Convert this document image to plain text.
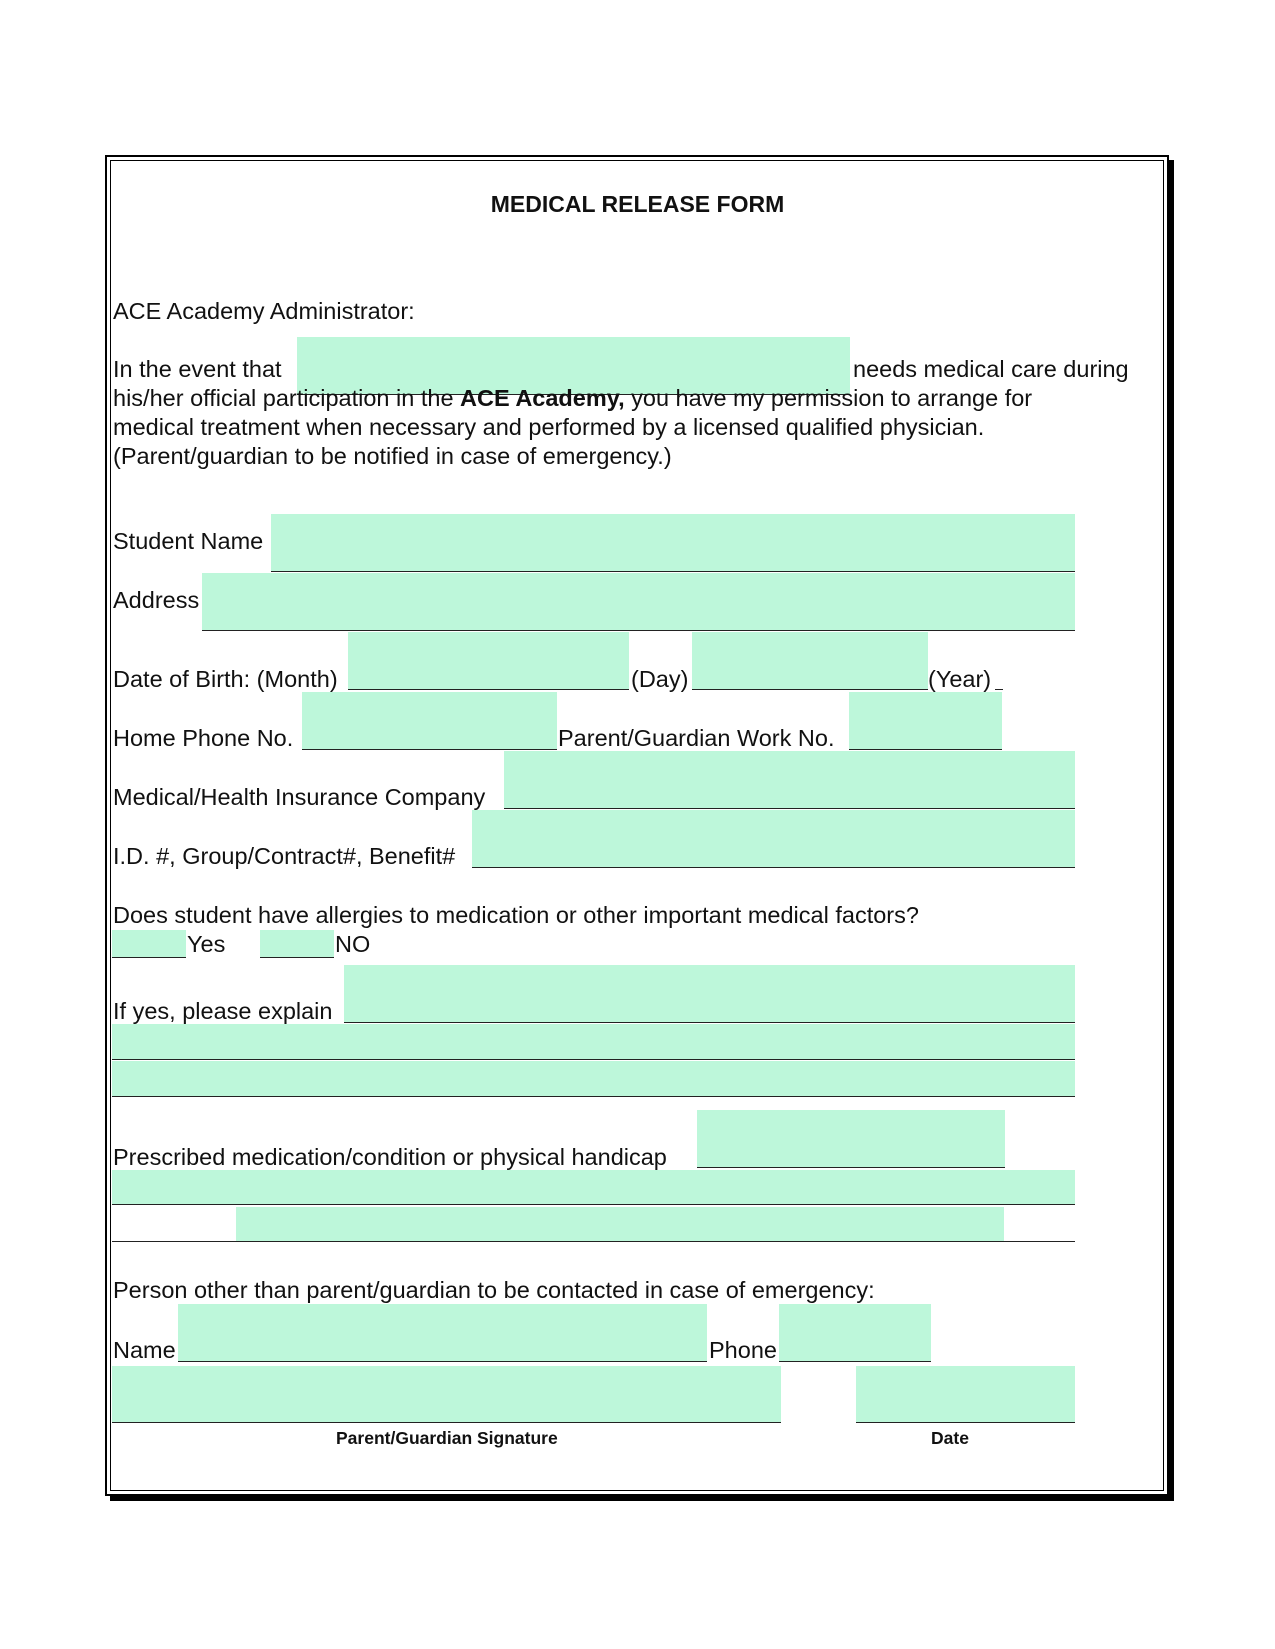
MEDICAL RELEASE FORM
ACE Academy Administrator:
In the event that	needs medical care during
his/her official participation in the ACE Academy, you have my permission to arrange for
medical treatment when necessary and performed by a licensed qualified physician.
(Parent/guardian to be notified in case of emergency.)
Student Name
Address
Date of Birth: (Month)	(Day)	(Year)
Home Phone No.	Parent/Guardian Work No.
Medical/Health Insurance Company
I.D. #, Group/Contract#, Benefit#
Does student have allergies to medication or other important medical factors?
Yes	NO
If yes, please explain
Prescribed medication/condition or physical handicap
Person other than parent/guardian to be contacted in case of emergency:
Name	Phone
Parent/Guardian Signature	Date
